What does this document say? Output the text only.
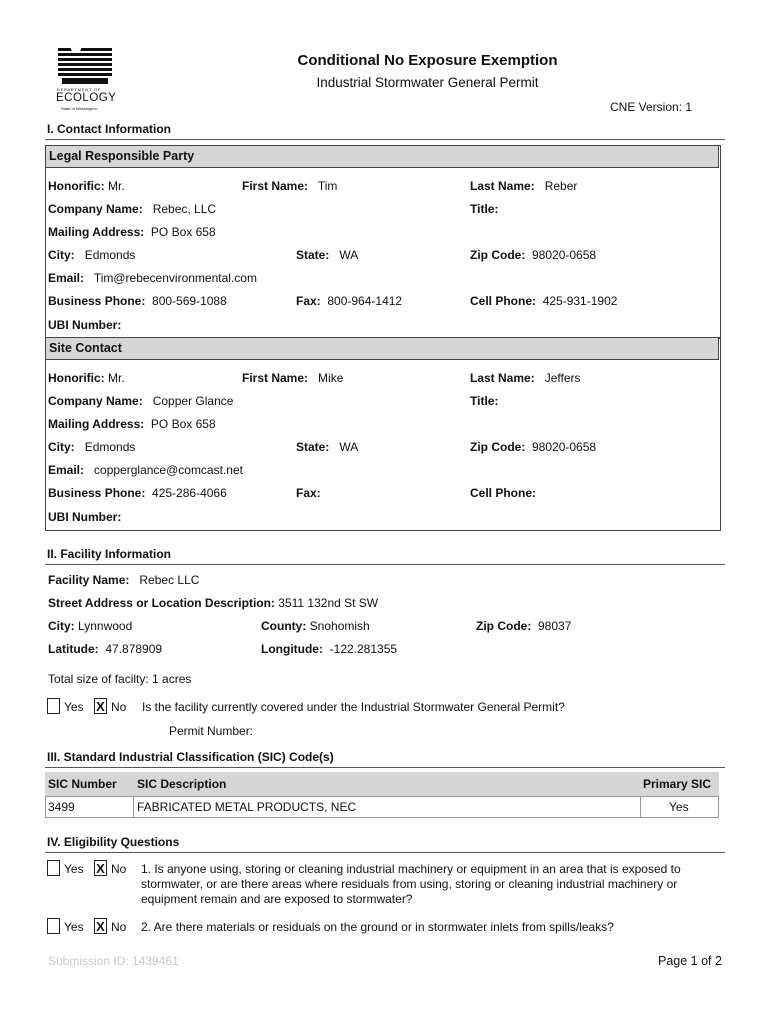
DEPARTMENT OF
ECOLOGY
State of Washington
Conditional No Exposure Exemption
Industrial Stormwater General Permit
CNE Version: 1
I. Contact Information
Legal Responsible Party
Honorific: Mr.	First Name: Tim	Last Name: Reber
Company Name: Rebec, LLC	Title:
Mailing Address: PO Box 658
City: Edmonds	State: WA	Zip Code: 98020-0658
Email: Tim@rebecenvironmental.com
Business Phone: 800-569-1088	Fax: 800-964-1412	Cell Phone: 425-931-1902
UBI Number:
Site Contact
Honorific: Mr.	First Name: Mike	Last Name: Jeffers
Company Name: Copper Glance	Title:
Mailing Address: PO Box 658
City: Edmonds	State: WA	Zip Code: 98020-0658
Email: copperglance@comcast.net
Business Phone: 425-286-4066	Fax:	Cell Phone:
UBI Number:
II. Facility Information
Facility Name: Rebec LLC
Street Address or Location Description: 3511 132nd St SW
City: Lynnwood	County: Snohomish	Zip Code: 98037
Latitude: 47.878909	Longitude: -122.281355
Total size of facilty: 1 acres
Yes X No Is the facility currently covered under the Industrial Stormwater General Permit?
Permit Number:
III. Standard Industrial Classification (SIC) Code(s)
SIC Number SIC Description	Primary SIC
3499	FABRICATED METAL PRODUCTS, NEC	Yes
IV. Eligibility Questions
Yes X No 1. Is anyone using, storing or cleaning industrial machinery or equipment in an area that is exposed to
stormwater, or are there areas where residuals from using, storing or cleaning industrial machinery or
equipment remain and are exposed to stormwater?
Yes X No 2. Are there materials or residuals on the ground or in stormwater inlets from spills/leaks?
Submission ID: 1439461	Page 1 of 2
